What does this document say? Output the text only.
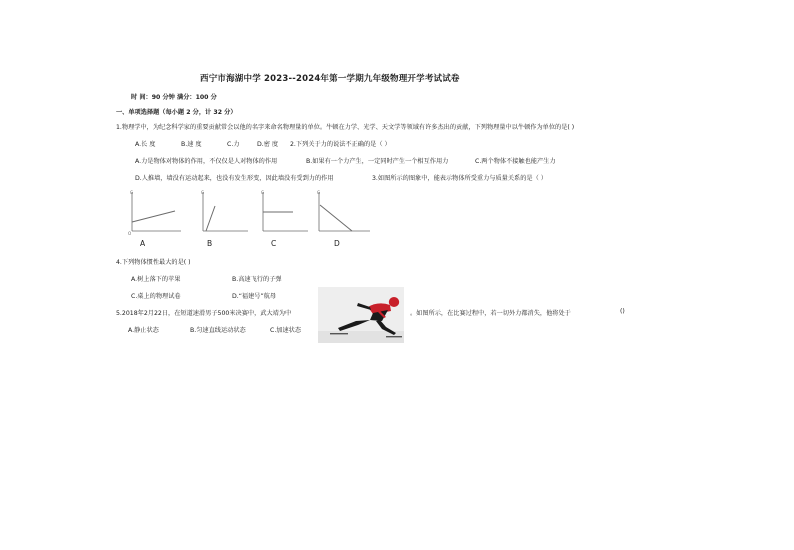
西宁市海湖中学 2023--2024年第一学期九年级物理开学考试试卷
时 间：90 分钟 满分：100 分
一、单项选择题（每小题 2 分，计 32 分）
1.物理学中，为纪念科学家的重要贡献常会以他的名字来命名物理量的单位。牛顿在力学、光学、天文学等领域有许多杰出的贡献，下列物理量中以牛顿作为单位的是( )
A.长 度	B.速 度	C.力	D.密 度 2.下列关于力的说法不正确的是（ ）
A.力是物体对物体的作用，不仅仅是人对物体的作用	B.如果有一个力产生，一定同时产生一个相互作用力	C.两个物体不接触也能产生力
D.人推墙，墙没有运动起来，也没有发生形变，因此墙没有受到力的作用	3.如图所示的图象中，能表示物体所受重力与质量关系的是（ ）
G
O
A
G
B
G
C
G
D
4.下列物体惯性最大的是( )
A.树上落下的苹果	B.高速飞行的子弹
C.桌上的物理试卷	D.“福建号”航母
5.2018年2月22日，在短道速滑男子500米决赛中，武大靖为中	。如图所示，在比赛过程中，若一切外力都消失，他将处于	()
A.静止状态	B.匀速直线运动状态	C.加速状态
